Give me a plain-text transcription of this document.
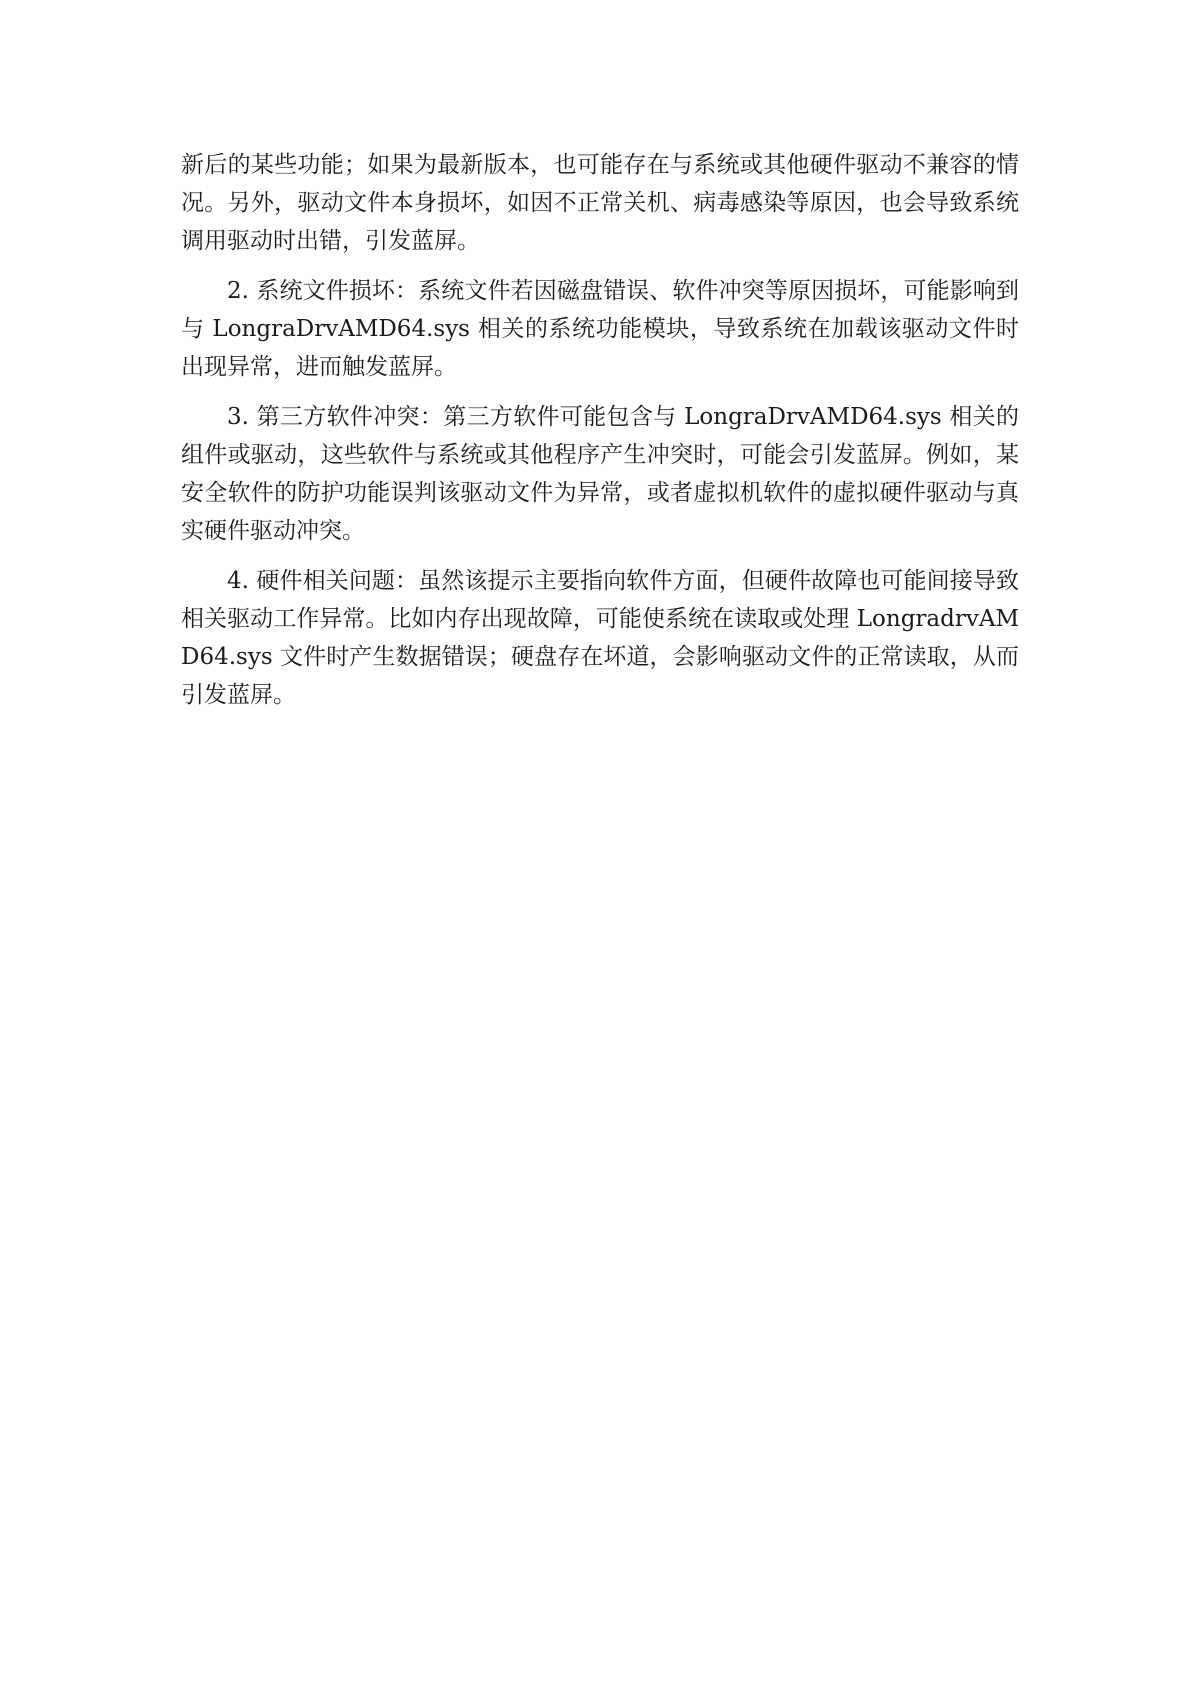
新后的某些功能；如果为最新版本，也可能存在与系统或其他硬件驱动不兼容的情况。另外，驱动文件本身损坏，如因不正常关机、病毒感染等原因，也会导致系统调用驱动时出错，引发蓝屏。

2. 系统文件损坏：系统文件若因磁盘错误、软件冲突等原因损坏，可能影响到与 LongraDrvAMD64.sys 相关的系统功能模块，导致系统在加载该驱动文件时出现异常，进而触发蓝屏。

3. 第三方软件冲突：第三方软件可能包含与 LongraDrvAMD64.sys 相关的组件或驱动，这些软件与系统或其他程序产生冲突时，可能会引发蓝屏。例如，某安全软件的防护功能误判该驱动文件为异常，或者虚拟机软件的虚拟硬件驱动与真实硬件驱动冲突。

4. 硬件相关问题：虽然该提示主要指向软件方面，但硬件故障也可能间接导致相关驱动工作异常。比如内存出现故障，可能使系统在读取或处理 LongradrvAMD64.sys 文件时产生数据错误；硬盘存在坏道，会影响驱动文件的正常读取，从而引发蓝屏。
